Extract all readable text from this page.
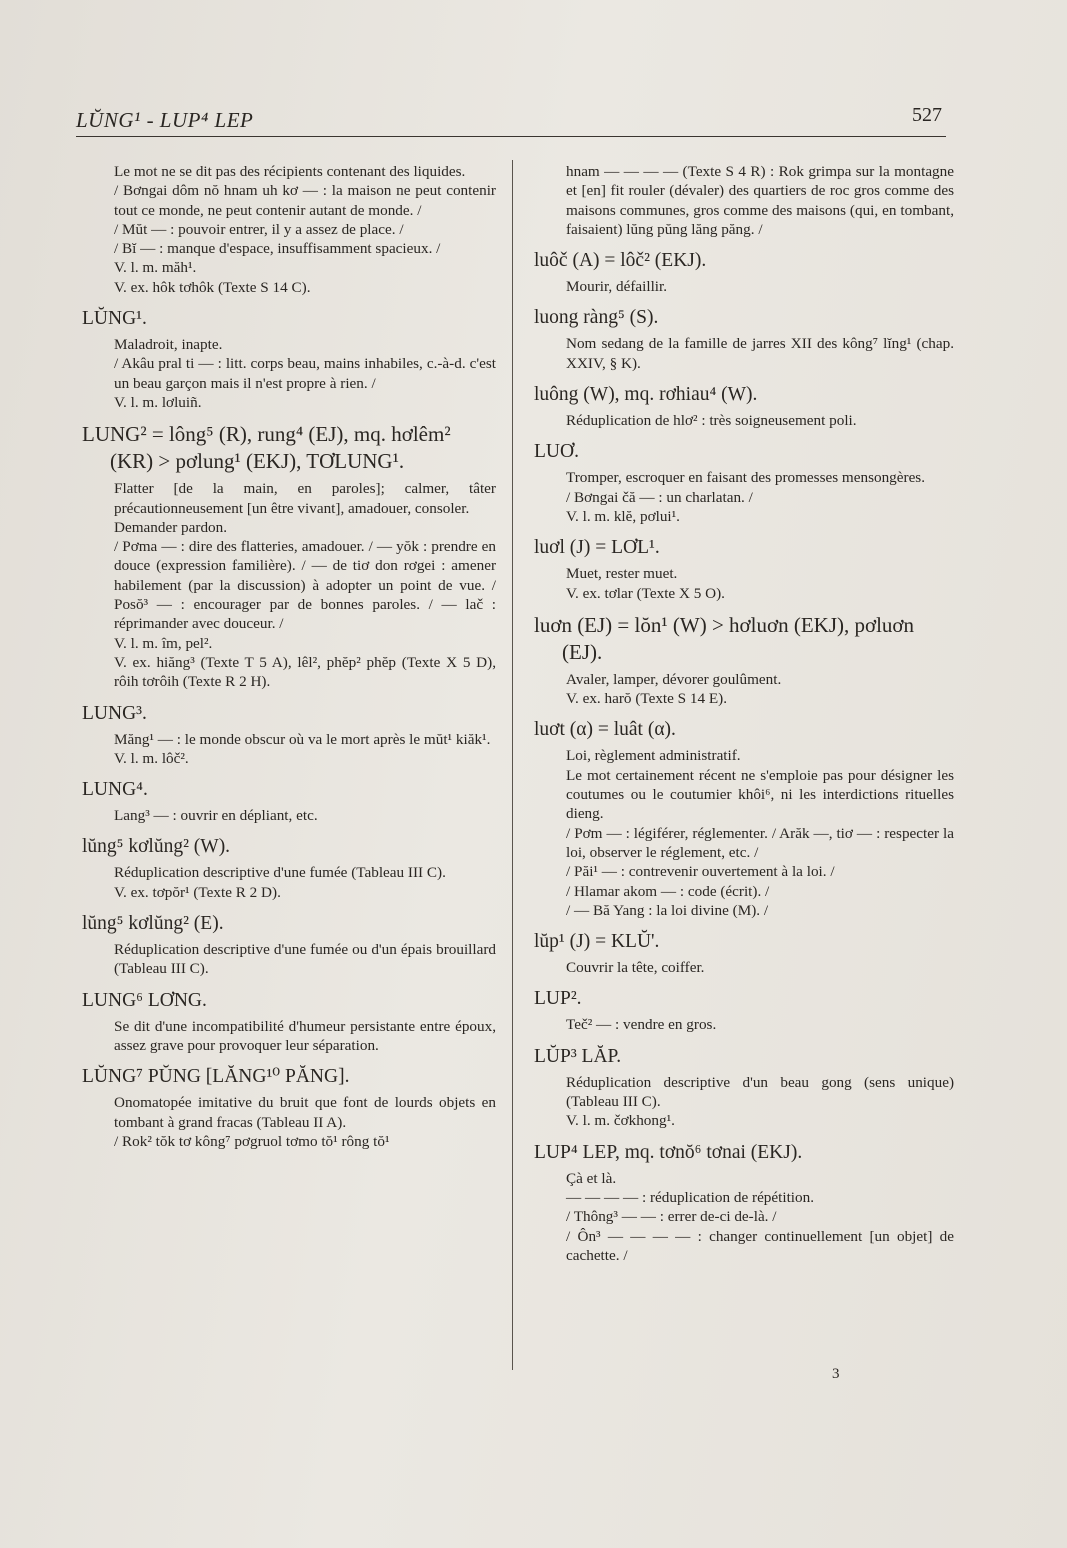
LŬNG¹ - LUP⁴ LEP	527
Le mot ne se dit pas des récipients contenant des liquides.
/ Bơngai dôm nŏ hnam uh kơ — : la maison ne peut contenir tout ce monde, ne peut contenir autant de monde. /
/ Mŭt — : pouvoir entrer, il y a assez de place. /
/ Bĭ — : manque d'espace, insuffisamment spacieux. /
V. l. m. măh¹.
V. ex. hôk tơhôk (Texte S 14 C).
LŬNG¹.
Maladroit, inapte.
/ Akâu pral ti — : litt. corps beau, mains inhabiles, c.-à-d. c'est un beau garçon mais il n'est propre à rien. /
V. l. m. lơluiñ.
LUNG² = lông⁵ (R), rung⁴ (EJ), mq. hơlêm² (KR) > pơlung¹ (EKJ), TƠLUNG¹.
Flatter [de la main, en paroles]; calmer, tâter précautionneusement [un être vivant], amadouer, consoler.
Demander pardon.
/ Pơma — : dire des flatteries, amadouer. / — yŏk : prendre en douce (expression familière). / — de tiơ don rơgei : amener habilement (par la discussion) à adopter un point de vue. / Posŏ³ — : encourager par de bonnes paroles. / — lač : réprimander avec douceur. /
V. l. m. îm, pel².
V. ex. hiăng³ (Texte T 5 A), lêl², phĕp² phĕp (Texte X 5 D), rôih tơrôih (Texte R 2 H).
LUNG³.
Măng¹ — : le monde obscur où va le mort après le mŭt¹ kiăk¹.
V. l. m. lôč².
LUNG⁴.
Lang³ — : ouvrir en dépliant, etc.
lŭng⁵ kơlŭng² (W).
Réduplication descriptive d'une fumée (Tableau III C).
V. ex. tơpŏr¹ (Texte R 2 D).
lŭng⁵ kơlŭng² (E).
Réduplication descriptive d'une fumée ou d'un épais brouillard (Tableau III C).
LUNG⁶ LƠNG.
Se dit d'une incompatibilité d'humeur persistante entre époux, assez grave pour provoquer leur séparation.
LŬNG⁷ PŬNG [LĂNG¹⁰ PĂNG].
Onomatopée imitative du bruit que font de lourds objets en tombant à grand fracas (Tableau II A).
/ Rok² tŏk tơ kông⁷ pơgruol tơmo tŏ¹ rông tŏ¹
hnam — — — — (Texte S 4 R) : Rok grimpa sur la montagne et [en] fit rouler (dévaler) des quartiers de roc gros comme des maisons communes, gros comme des maisons (qui, en tombant, faisaient) lŭng pŭng lăng păng. /
luôč (A) = lôč² (EKJ).
Mourir, défaillir.
luong ràng⁵ (S).
Nom sedang de la famille de jarres XII des kông⁷ lĭng¹ (chap. XXIV, § K).
luông (W), mq. rơhiau⁴ (W).
Réduplication de hlơ² : très soigneusement poli.
LUƠ.
Tromper, escroquer en faisant des promesses mensongères.
/ Bơngai čă — : un charlatan. /
V. l. m. klĕ, pơlui¹.
luơl (J) = LƠL¹.
Muet, rester muet.
V. ex. tơlar (Texte X 5 O).
luơn (EJ) = lŏn¹ (W) > hơluơn (EKJ), pơluơn (EJ).
Avaler, lamper, dévorer goulûment.
V. ex. harŏ (Texte S 14 E).
luơt (α) = luât (α).
Loi, règlement administratif.
Le mot certainement récent ne s'emploie pas pour désigner les coutumes ou le coutumier khôi⁶, ni les interdictions rituelles dieng.
/ Pơm — : légiférer, réglementer. / Arăk —, tiơ — : respecter la loi, observer le réglement, etc. /
/ Păi¹ — : contrevenir ouvertement à la loi. /
/ Hlamar akom — : code (écrit). /
/ — Bă Yang : la loi divine (M). /
lŭp¹ (J) = KLŬ'.
Couvrir la tête, coiffer.
LUP².
Teč² — : vendre en gros.
LŬP³ LĂP.
Réduplication descriptive d'un beau gong (sens unique) (Tableau III C).
V. l. m. čơkhong¹.
LUP⁴ LEP, mq. tơnŏ⁶ tơnai (EKJ).
Çà et là.
— — — — : réduplication de répétition.
/ Thông³ — — : errer de-ci de-là. /
/ Ôn³ — — — — : changer continuellement [un objet] de cachette. /
3
